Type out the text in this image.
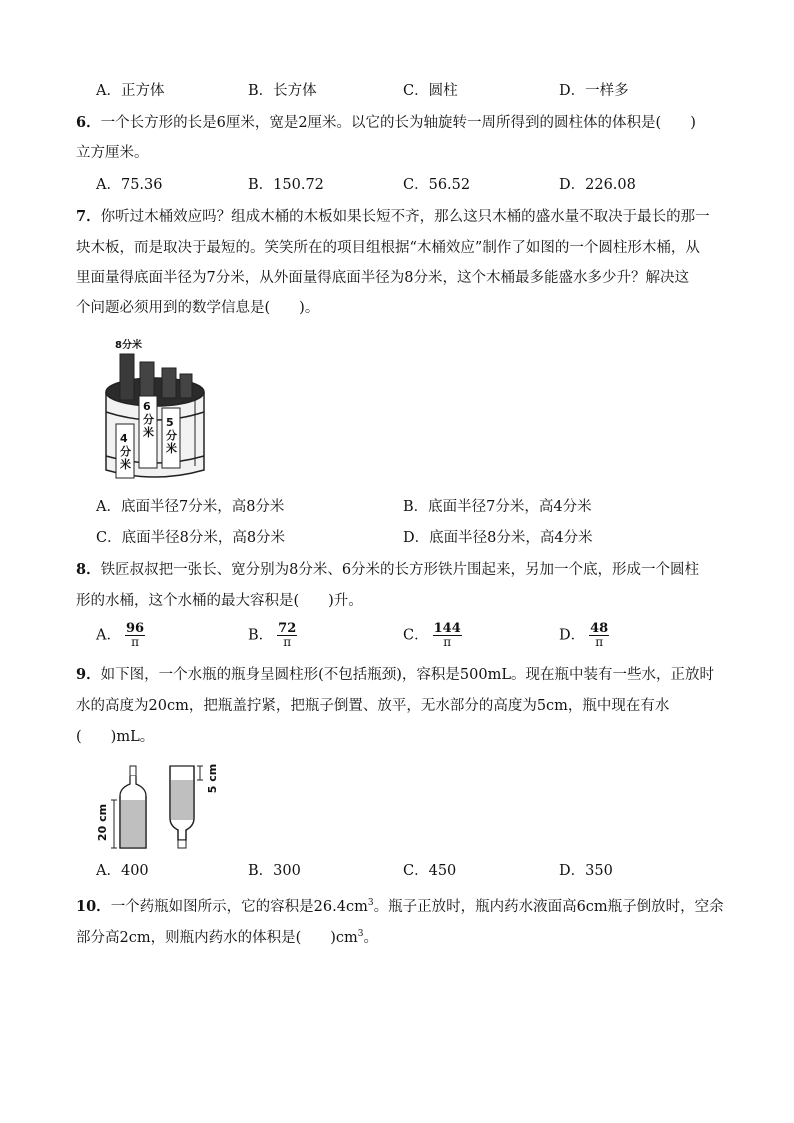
A．正方体	B．长方体	C．圆柱	D．一样多
6．一个长方形的长是6厘米，宽是2厘米。以它的长为轴旋转一周所得到的圆柱体的体积是(　　)
立方厘米。
A．75.36	B．150.72	C．56.52	D．226.08
7．你听过木桶效应吗？组成木桶的木板如果长短不齐，那么这只木桶的盛水量不取决于最长的那一
块木板，而是取决于最短的。笑笑所在的项目组根据“木桶效应”制作了如图的一个圆柱形木桶，从
里面量得底面半径为7分米，从外面量得底面半径为8分米，这个木桶最多能盛水多少升？解决这
个问题必须用到的数学信息是(　　)。
8分米
6分米
5分米
4分米
A．底面半径7分米，高8分米	B．底面半径7分米，高4分米
C．底面半径8分米，高8分米	D．底面半径8分米，高4分米
8．铁匠叔叔把一张长、宽分别为8分米、6分米的长方形铁片围起来，另加一个底，形成一个圆柱
形的水桶，这个水桶的最大容积是(　　)升。
A． $\frac{96}{\pi}$	B． $\frac{72}{\pi}$	C． $\frac{144}{\pi}$	D． $\frac{48}{\pi}$
9．如下图，一个水瓶的瓶身呈圆柱形(不包括瓶颈)，容积是500mL。现在瓶中装有一些水，正放时
水的高度为20cm，把瓶盖拧紧，把瓶子倒置、放平，无水部分的高度为5cm，瓶中现在有水
(　　)mL。
20 cm
5 cm
A．400	B．300	C．450	D．350
10．一个药瓶如图所示，它的容积是$26.4cm^3$。瓶子正放时，瓶内药水液面高6cm瓶子倒放时，空余
部分高2cm，则瓶内药水的体积是(　　)$cm^3$。
